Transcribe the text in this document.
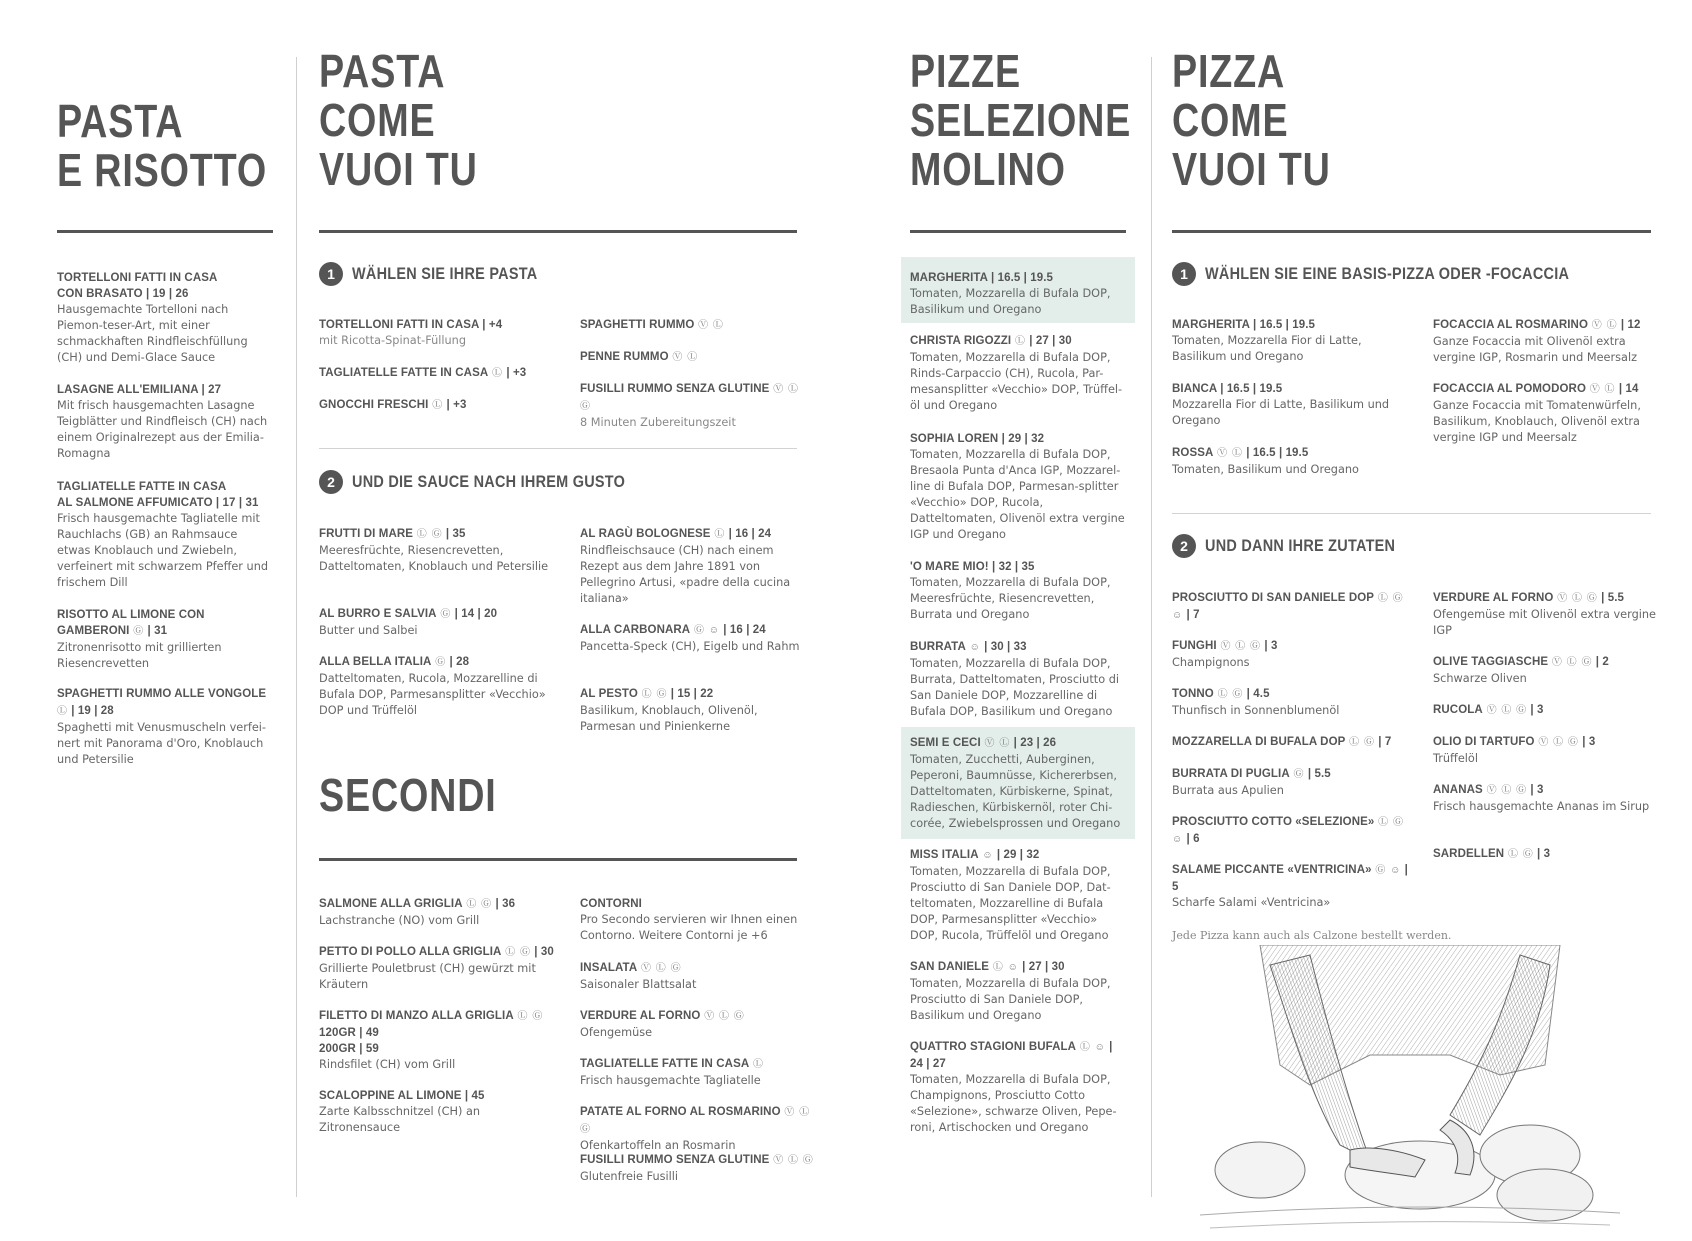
PASTA
E RISOTTO
TORTELLONI FATTI IN CASA
CON BRASATO | 19 | 26
Hausgemachte Tortelloni nach Piemon-teser-Art, mit einer schmackhaften Rindfleischfüllung (CH) und Demi-Glace Sauce
LASAGNE ALL'EMILIANA | 27
Mit frisch hausgemachten Lasagne Teigblätter und Rindfleisch (CH) nach einem Originalrezept aus der Emilia-Romagna
TAGLIATELLE FATTE IN CASA
AL SALMONE AFFUMICATO | 17 | 31
Frisch hausgemachte Tagliatelle mit Rauchlachs (GB) an Rahmsauce etwas Knoblauch und Zwiebeln, verfeinert mit schwarzem Pfeffer und frischem Dill
RISOTTO AL LIMONE CON
GAMBERONI Ⓖ | 31
Zitronenrisotto mit grillierten Riesencrevetten
SPAGHETTI RUMMO ALLE VONGOLE Ⓛ | 19 | 28
Spaghetti mit Venusmuscheln verfei-nert mit Panorama d'Oro, Knoblauch und Petersilie
PASTA
COME
VUOI TU
1	WÄHLEN SIE IHRE PASTA
TORTELLONI FATTI IN CASA | +4
mit Ricotta-Spinat-Füllung
TAGLIATELLE FATTE IN CASA Ⓛ | +3
GNOCCHI FRESCHI Ⓛ | +3
SPAGHETTI RUMMO Ⓥ Ⓛ
PENNE RUMMO Ⓥ Ⓛ
FUSILLI RUMMO SENZA GLUTINE Ⓥ Ⓛ Ⓖ
8 Minuten Zubereitungszeit
2	UND DIE SAUCE NACH IHREM GUSTO
FRUTTI DI MARE Ⓛ Ⓖ | 35
Meeresfrüchte, Riesencrevetten, Datteltomaten, Knoblauch und Petersilie
AL BURRO E SALVIA Ⓖ | 14 | 20
Butter und Salbei
ALLA BELLA ITALIA Ⓖ | 28
Datteltomaten, Rucola, Mozzarelline di Bufala DOP, Parmesansplitter «Vecchio» DOP und Trüffelöl
AL RAGÙ BOLOGNESE Ⓛ | 16 | 24
Rindfleischsauce (CH) nach einem Rezept aus dem Jahre 1891 von Pellegrino Artusi, «padre della cucina italiana»
ALLA CARBONARA Ⓖ ☺ | 16 | 24
Pancetta-Speck (CH), Eigelb und Rahm
AL PESTO Ⓛ Ⓖ | 15 | 22
Basilikum, Knoblauch, Olivenöl, Parmesan und Pinienkerne
SECONDI
SALMONE ALLA GRIGLIA Ⓛ Ⓖ | 36
Lachstranche (NO) vom Grill
PETTO DI POLLO ALLA GRIGLIA Ⓛ Ⓖ | 30
Grillierte Pouletbrust (CH) gewürzt mit Kräutern
FILETTO DI MANZO ALLA GRIGLIA Ⓛ Ⓖ
120GR | 49
200GR | 59
Rindsfilet (CH) vom Grill
SCALOPPINE AL LIMONE | 45
Zarte Kalbsschnitzel (CH) an Zitronensauce
CONTORNI
Pro Secondo servieren wir Ihnen einen Contorno. Weitere Contorni je +6
INSALATA Ⓥ Ⓛ Ⓖ
Saisonaler Blattsalat
VERDURE AL FORNO Ⓥ Ⓛ Ⓖ
Ofengemüse
TAGLIATELLE FATTE IN CASA Ⓛ
Frisch hausgemachte Tagliatelle
PATATE AL FORNO AL ROSMARINO Ⓥ Ⓛ Ⓖ
Ofenkartoffeln an Rosmarin
FUSILLI RUMMO SENZA GLUTINE Ⓥ Ⓛ Ⓖ
Glutenfreie Fusilli
PIZZE
SELEZIONE
MOLINO
MARGHERITA | 16.5 | 19.5
Tomaten, Mozzarella di Bufala DOP, Basilikum und Oregano
CHRISTA RIGOZZI Ⓛ | 27 | 30
Tomaten, Mozzarella di Bufala DOP, Rinds-Carpaccio (CH), Rucola, Par-mesansplitter «Vecchio» DOP, Trüffel-öl und Oregano
SOPHIA LOREN | 29 | 32
Tomaten, Mozzarella di Bufala DOP, Bresaola Punta d'Anca IGP, Mozzarel-line di Bufala DOP, Parmesan-splitter «Vecchio» DOP, Rucola, Datteltomaten, Olivenöl extra vergine IGP und Oregano
'O MARE MIO! | 32 | 35
Tomaten, Mozzarella di Bufala DOP, Meeresfrüchte, Riesencrevetten, Burrata und Oregano
BURRATA ☺ | 30 | 33
Tomaten, Mozzarella di Bufala DOP, Burrata, Datteltomaten, Prosciutto di San Daniele DOP, Mozzarelline di Bufala DOP, Basilikum und Oregano
SEMI E CECI Ⓥ Ⓛ | 23 | 26
Tomaten, Zucchetti, Auberginen, Peperoni, Baumnüsse, Kichererbsen, Datteltomaten, Kürbiskerne, Spinat, Radieschen, Kürbiskernöl, roter Chi-corée, Zwiebelsprossen und Oregano
MISS ITALIA ☺ | 29 | 32
Tomaten, Mozzarella di Bufala DOP, Prosciutto di San Daniele DOP, Dat-teltomaten, Mozzarelline di Bufala DOP, Parmesansplitter «Vecchio» DOP, Rucola, Trüffelöl und Oregano
SAN DANIELE Ⓛ ☺ | 27 | 30
Tomaten, Mozzarella di Bufala DOP, Prosciutto di San Daniele DOP, Basilikum und Oregano
QUATTRO STAGIONI BUFALA Ⓛ ☺ | 24 | 27
Tomaten, Mozzarella di Bufala DOP, Champignons, Prosciutto Cotto «Selezione», schwarze Oliven, Pepe-roni, Artischocken und Oregano
PIZZA
COME
VUOI TU
1	WÄHLEN SIE EINE BASIS-PIZZA ODER -FOCACCIA
MARGHERITA | 16.5 | 19.5
Tomaten, Mozzarella Fior di Latte, Basilikum und Oregano
BIANCA | 16.5 | 19.5
Mozzarella Fior di Latte, Basilikum und Oregano
ROSSA Ⓥ Ⓛ | 16.5 | 19.5
Tomaten, Basilikum und Oregano
FOCACCIA AL ROSMARINO Ⓥ Ⓛ | 12
Ganze Focaccia mit Olivenöl extra vergine IGP, Rosmarin und Meersalz
FOCACCIA AL POMODORO Ⓥ Ⓛ | 14
Ganze Focaccia mit Tomatenwürfeln, Basilikum, Knoblauch, Olivenöl extra vergine IGP und Meersalz
2	UND DANN IHRE ZUTATEN
PROSCIUTTO DI SAN DANIELE DOP Ⓛ Ⓖ ☺ | 7
FUNGHI Ⓥ Ⓛ Ⓖ | 3
Champignons
TONNO Ⓛ Ⓖ | 4.5
Thunfisch in Sonnenblumenöl
MOZZARELLA DI BUFALA DOP Ⓛ Ⓖ | 7
BURRATA DI PUGLIA Ⓖ | 5.5
Burrata aus Apulien
PROSCIUTTO COTTO «SELEZIONE» Ⓛ Ⓖ ☺ | 6
SALAME PICCANTE «VENTRICINA» Ⓖ ☺ | 5
Scharfe Salami «Ventricina»
VERDURE AL FORNO Ⓥ Ⓛ Ⓖ | 5.5
Ofengemüse mit Olivenöl extra vergine IGP
OLIVE TAGGIASCHE Ⓥ Ⓛ Ⓖ | 2
Schwarze Oliven
RUCOLA Ⓥ Ⓛ Ⓖ | 3
OLIO DI TARTUFO Ⓥ Ⓛ Ⓖ | 3
Trüffelöl
ANANAS Ⓥ Ⓛ Ⓖ | 3
Frisch hausgemachte Ananas im Sirup
SARDELLEN Ⓛ Ⓖ | 3
Jede Pizza kann auch als Calzone bestellt werden.
